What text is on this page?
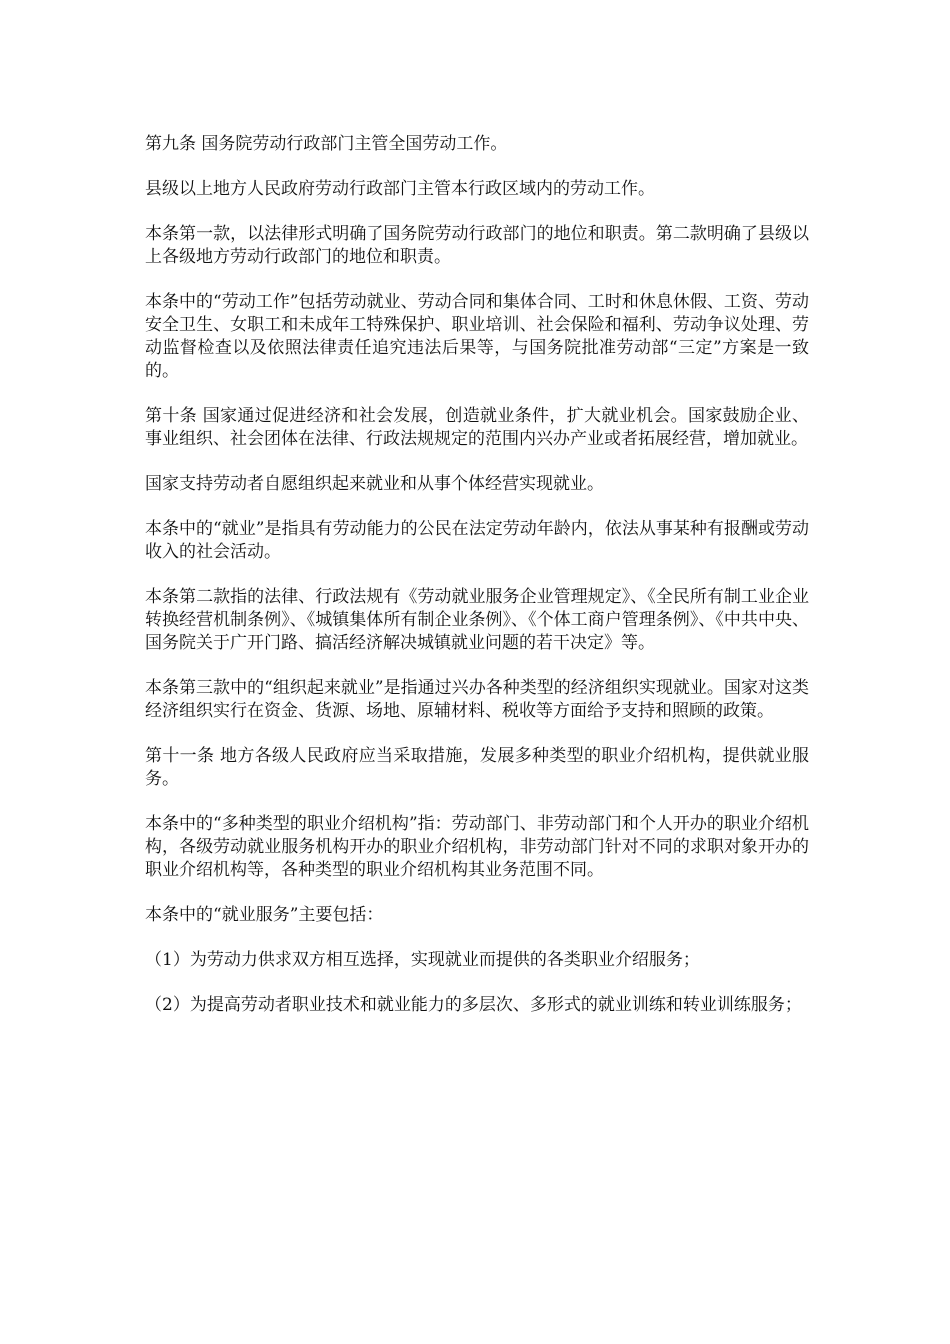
第九条 国务院劳动行政部门主管全国劳动工作。

县级以上地方人民政府劳动行政部门主管本行政区域内的劳动工作。

本条第一款，以法律形式明确了国务院劳动行政部门的地位和职责。第二款明确了县级以上各级地方劳动行政部门的地位和职责。

本条中的“劳动工作”包括劳动就业、劳动合同和集体合同、工时和休息休假、工资、劳动安全卫生、女职工和未成年工特殊保护、职业培训、社会保险和福利、劳动争议处理、劳动监督检查以及依照法律责任追究违法后果等，与国务院批准劳动部“三定”方案是一致的。

第十条 国家通过促进经济和社会发展，创造就业条件，扩大就业机会。国家鼓励企业、事业组织、社会团体在法律、行政法规规定的范围内兴办产业或者拓展经营，增加就业。

国家支持劳动者自愿组织起来就业和从事个体经营实现就业。

本条中的“就业”是指具有劳动能力的公民在法定劳动年龄内，依法从事某种有报酬或劳动收入的社会活动。

本条第二款指的法律、行政法规有《劳动就业服务企业管理规定》、《全民所有制工业企业转换经营机制条例》、《城镇集体所有制企业条例》、《个体工商户管理条例》、《中共中央、国务院关于广开门路、搞活经济解决城镇就业问题的若干决定》等。

本条第三款中的“组织起来就业”是指通过兴办各种类型的经济组织实现就业。国家对这类经济组织实行在资金、货源、场地、原辅材料、税收等方面给予支持和照顾的政策。

第十一条 地方各级人民政府应当采取措施，发展多种类型的职业介绍机构，提供就业服务。

本条中的“多种类型的职业介绍机构”指：劳动部门、非劳动部门和个人开办的职业介绍机构，各级劳动就业服务机构开办的职业介绍机构，非劳动部门针对不同的求职对象开办的职业介绍机构等，各种类型的职业介绍机构其业务范围不同。

本条中的“就业服务”主要包括：

（1）为劳动力供求双方相互选择，实现就业而提供的各类职业介绍服务；

（2）为提高劳动者职业技术和就业能力的多层次、多形式的就业训练和转业训练服务；
